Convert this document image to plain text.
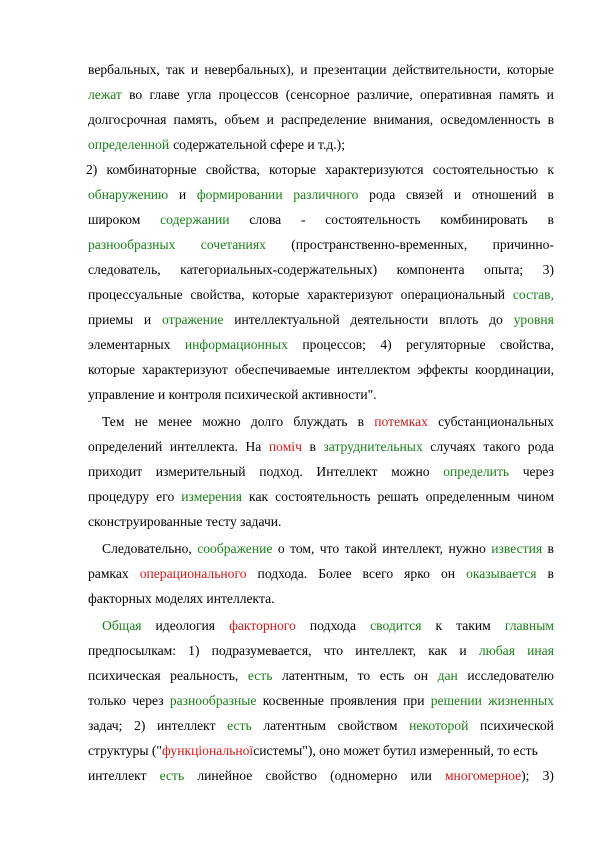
вербальных, так и невербальных), и презентации действительности, которые
лежат во главе угла процессов (сенсорное различие, оперативная память и
долгосрочная память, объем и распределение внимания, осведомленность в
определенной содержательной сфере и т.д.);
2) комбинаторные свойства, которые характеризуются состоятельностью к
обнаружению и формировании различного рода связей и отношений в
широком содержании слова - состоятельность комбинировать в
разнообразных сочетаниях (пространственно-временных, причинно-
следователь, категориальных-содержательных) компонента опыта; 3)
процессуальные свойства, которые характеризуют операциональный состав,
приемы и отражение интеллектуальной деятельности вплоть до уровня
элементарных информационных процессов; 4) регуляторные свойства,
которые характеризуют обеспечиваемые интеллектом эффекты координации,
управление и контроля психической активности".
Тем не менее можно долго блуждать в потемках субстанциональных
определений интеллекта. На поміч в затруднительных случаях такого рода
приходит измерительный подход. Интеллект можно определить через
процедуру его измерения как состоятельность решать определенным чином
сконструированные тесту задачи.
Следовательно, соображение о том, что такой интеллект, нужно известия в
рамках операционального подхода. Более всего ярко он оказывается в
факторных моделях интеллекта.
Общая идеология факторного подхода сводится к таким главным
предпосылкам: 1) подразумевается, что интеллект, как и любая иная
психическая реальность, есть латентным, то есть он дан исследователю
только через разнообразные косвенные проявления при решении жизненных
задач; 2) интеллект есть латентным свойством некоторой психической
структуры (" функціональної системы"), оно может бутил измеренный, то есть
интеллект есть линейное свойство (одномерно или многомерное); 3)
